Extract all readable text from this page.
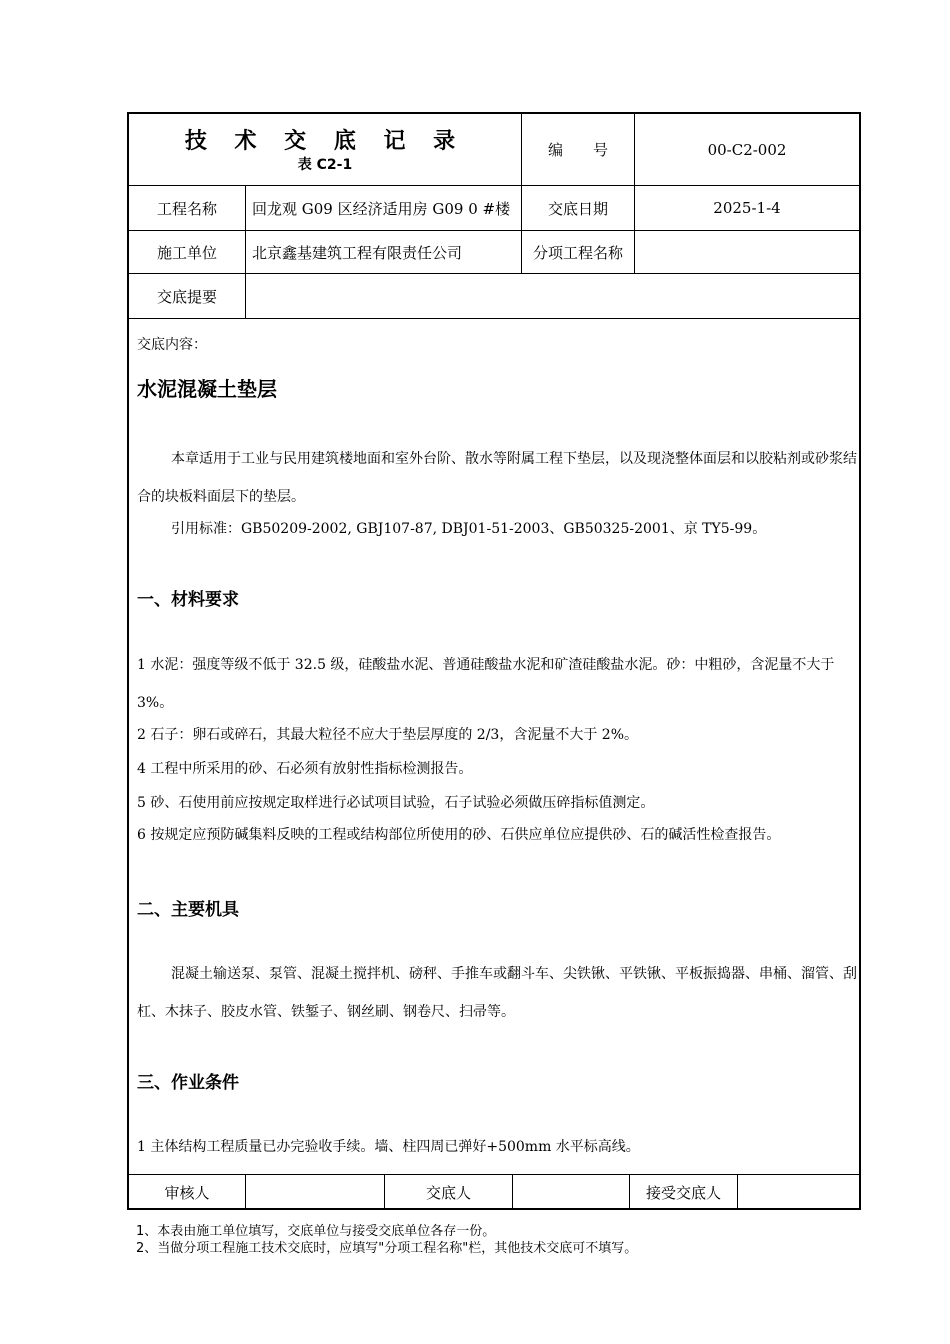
技 术 交 底 记 录
表 C2-1
编　　号	00-C2-002
工程名称	回龙观 G09 区经济适用房 G09 0 #楼	交底日期	2025-1-4
施工单位	北京鑫基建筑工程有限责任公司	分项工程名称
交底提要
交底内容：
水泥混凝土垫层
本章适用于工业与民用建筑楼地面和室外台阶、散水等附属工程下垫层，以及现浇整体面层和以胶粘剂或砂浆结合的块板料面层下的垫层。
引用标准：GB50209-2002, GBJ107-87, DBJ01-51-2003、GB50325-2001、京 TY5-99。
一、材料要求
1 水泥：强度等级不低于 32.5 级，硅酸盐水泥、普通硅酸盐水泥和矿渣硅酸盐水泥。砂：中粗砂，含泥量不大于 3%。
2 石子：卵石或碎石，其最大粒径不应大于垫层厚度的 2/3，含泥量不大于 2%。
4 工程中所采用的砂、石必须有放射性指标检测报告。
5 砂、石使用前应按规定取样进行必试项目试验，石子试验必须做压碎指标值测定。
6 按规定应预防碱集料反映的工程或结构部位所使用的砂、石供应单位应提供砂、石的碱活性检查报告。
二、主要机具
混凝土输送泵、泵管、混凝土搅拌机、磅秤、手推车或翻斗车、尖铁锹、平铁锹、平板振捣器、串桶、溜管、刮杠、木抹子、胶皮水管、铁錾子、钢丝刷、钢卷尺、扫帚等。
三、作业条件
1 主体结构工程质量已办完验收手续。墙、柱四周已弹好+500mm 水平标高线。
审核人	交底人	接受交底人
1、本表由施工单位填写，交底单位与接受交底单位各存一份。
2、当做分项工程施工技术交底时，应填写"分项工程名称"栏，其他技术交底可不填写。
